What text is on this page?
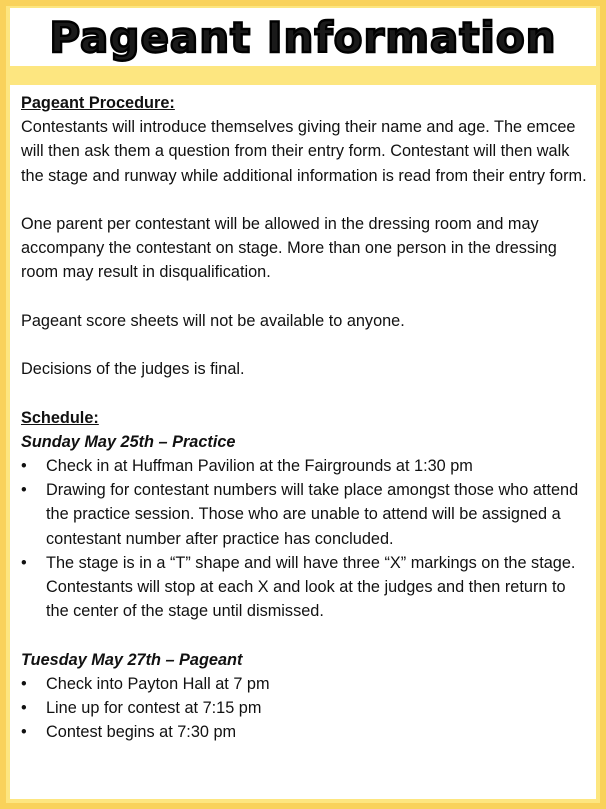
Pageant Information

Pageant Procedure:

Contestants will introduce themselves giving their name and age. The emcee will then ask them a question from their entry form. Contestant will then walk the stage and runway while additional information is read from their entry form.

One parent per contestant will be allowed in the dressing room and may accompany the contestant on stage. More than one person in the dressing room may result in disqualification.

Pageant score sheets will not be available to anyone.

Decisions of the judges is final.

Schedule:

Sunday May 25th – Practice

•	Check in at Huffman Pavilion at the Fairgrounds at 1:30 pm
•	Drawing for contestant numbers will take place amongst those who attend the practice session. Those who are unable to attend will be assigned a contestant number after practice has concluded.
•	The stage is in a “T” shape and will have three “X” markings on the stage. Contestants will stop at each X and look at the judges and then return to the center of the stage until dismissed.

Tuesday May 27th – Pageant

•	Check into Payton Hall at 7 pm
•	Line up for contest at 7:15 pm
•	Contest begins at 7:30 pm
